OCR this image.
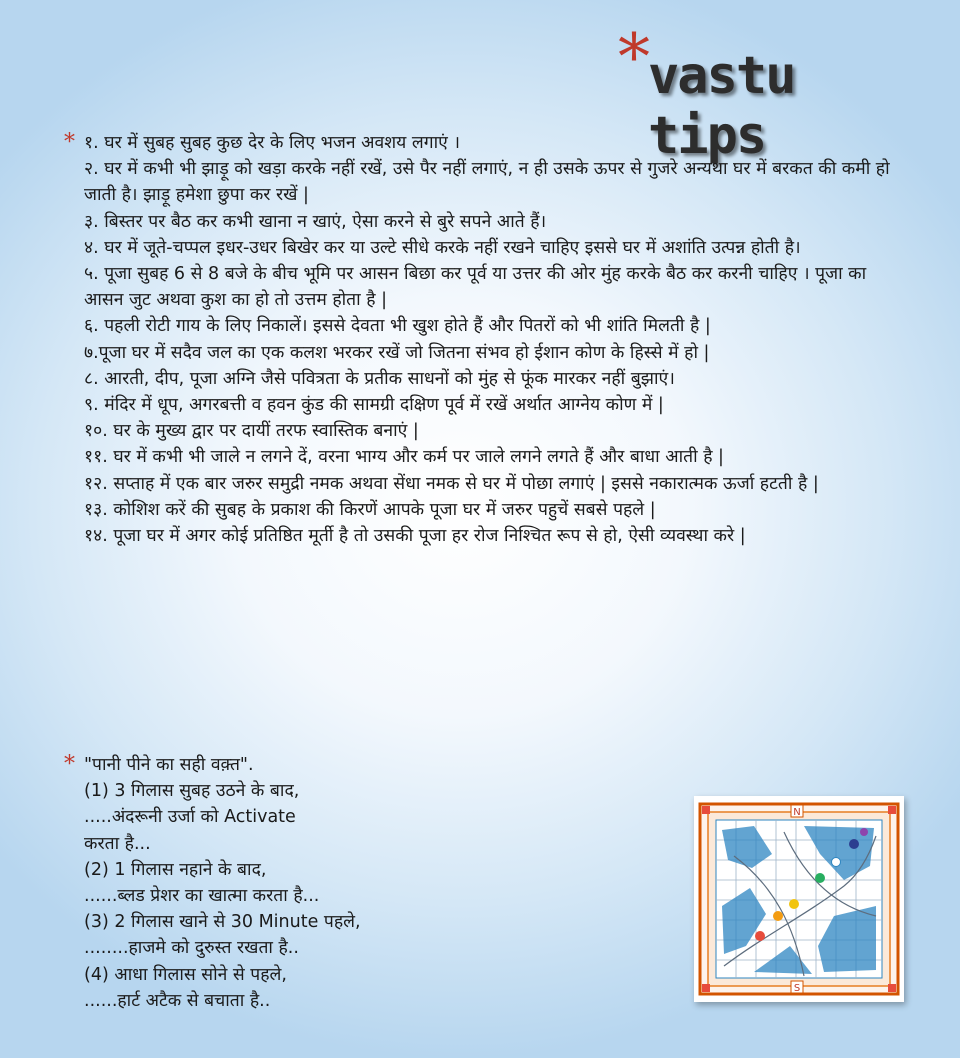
*
vastu tips
* १. घर में सुबह सुबह कुछ देर के लिए भजन अवशय लगाएं ।

२. घर में कभी भी झाड़ू को खड़ा करके नहीं रखें, उसे पैर नहीं लगाएं, न ही उसके ऊपर से गुजरे अन्यथा घर में बरकत की कमी हो जाती है। झाड़ू हमेशा छुपा कर रखें |

३. बिस्तर पर बैठ कर कभी खाना न खाएं, ऐसा करने से बुरे सपने आते हैं।

४. घर में जूते-चप्पल इधर-उधर बिखेर कर या उल्टे सीधे करके नहीं रखने चाहिए इससे घर में अशांति उत्पन्न होती है।

५. पूजा सुबह 6 से 8 बजे के बीच भूमि पर आसन बिछा कर पूर्व या उत्तर की ओर मुंह करके बैठ कर करनी चाहिए । पूजा का आसन जुट अथवा कुश का हो तो उत्तम होता है |

६. पहली रोटी गाय के लिए निकालें। इससे देवता भी खुश होते हैं और पितरों को भी शांति मिलती है |

७.पूजा घर में सदैव जल का एक कलश भरकर रखें जो जितना संभव हो ईशान कोण के हिस्से में हो |

८. आरती, दीप, पूजा अग्नि जैसे पवित्रता के प्रतीक साधनों को मुंह से फूंक मारकर नहीं बुझाएं।

९. मंदिर में धूप, अगरबत्ती व हवन कुंड की सामग्री दक्षिण पूर्व में रखें अर्थात आग्नेय कोण में |

१०. घर के मुख्य द्वार पर दायीं तरफ स्वास्तिक बनाएं |

११. घर में कभी भी जाले न लगने दें, वरना भाग्य और कर्म पर जाले लगने लगते हैं और बाधा आती है |

१२. सप्ताह में एक बार जरुर समुद्री नमक अथवा सेंधा नमक से घर में पोछा लगाएं | इससे नकारात्मक ऊर्जा हटती है |

१३. कोशिश करें की सुबह के प्रकाश की किरणें आपके पूजा घर में जरुर पहुचें सबसे पहले |

१४. पूजा घर में अगर कोई प्रतिष्ठित मूर्ती है तो उसकी पूजा हर रोज निश्चित रूप से हो, ऐसी व्यवस्था करे |

* "पानी पीने का सही वक़्त".
(1) 3 गिलास सुबह उठने के बाद,
.....अंदरूनी उर्जा को Activate
करता है...
(2) 1 गिलास नहाने के बाद,
......ब्लड प्रेशर का खात्मा करता है...
(3) 2 गिलास खाने से 30 Minute पहले,
........हाजमे को दुरुस्त रखता है..
(4) आधा गिलास सोने से पहले,
......हार्ट अटैक से बचाता है..
N
S
